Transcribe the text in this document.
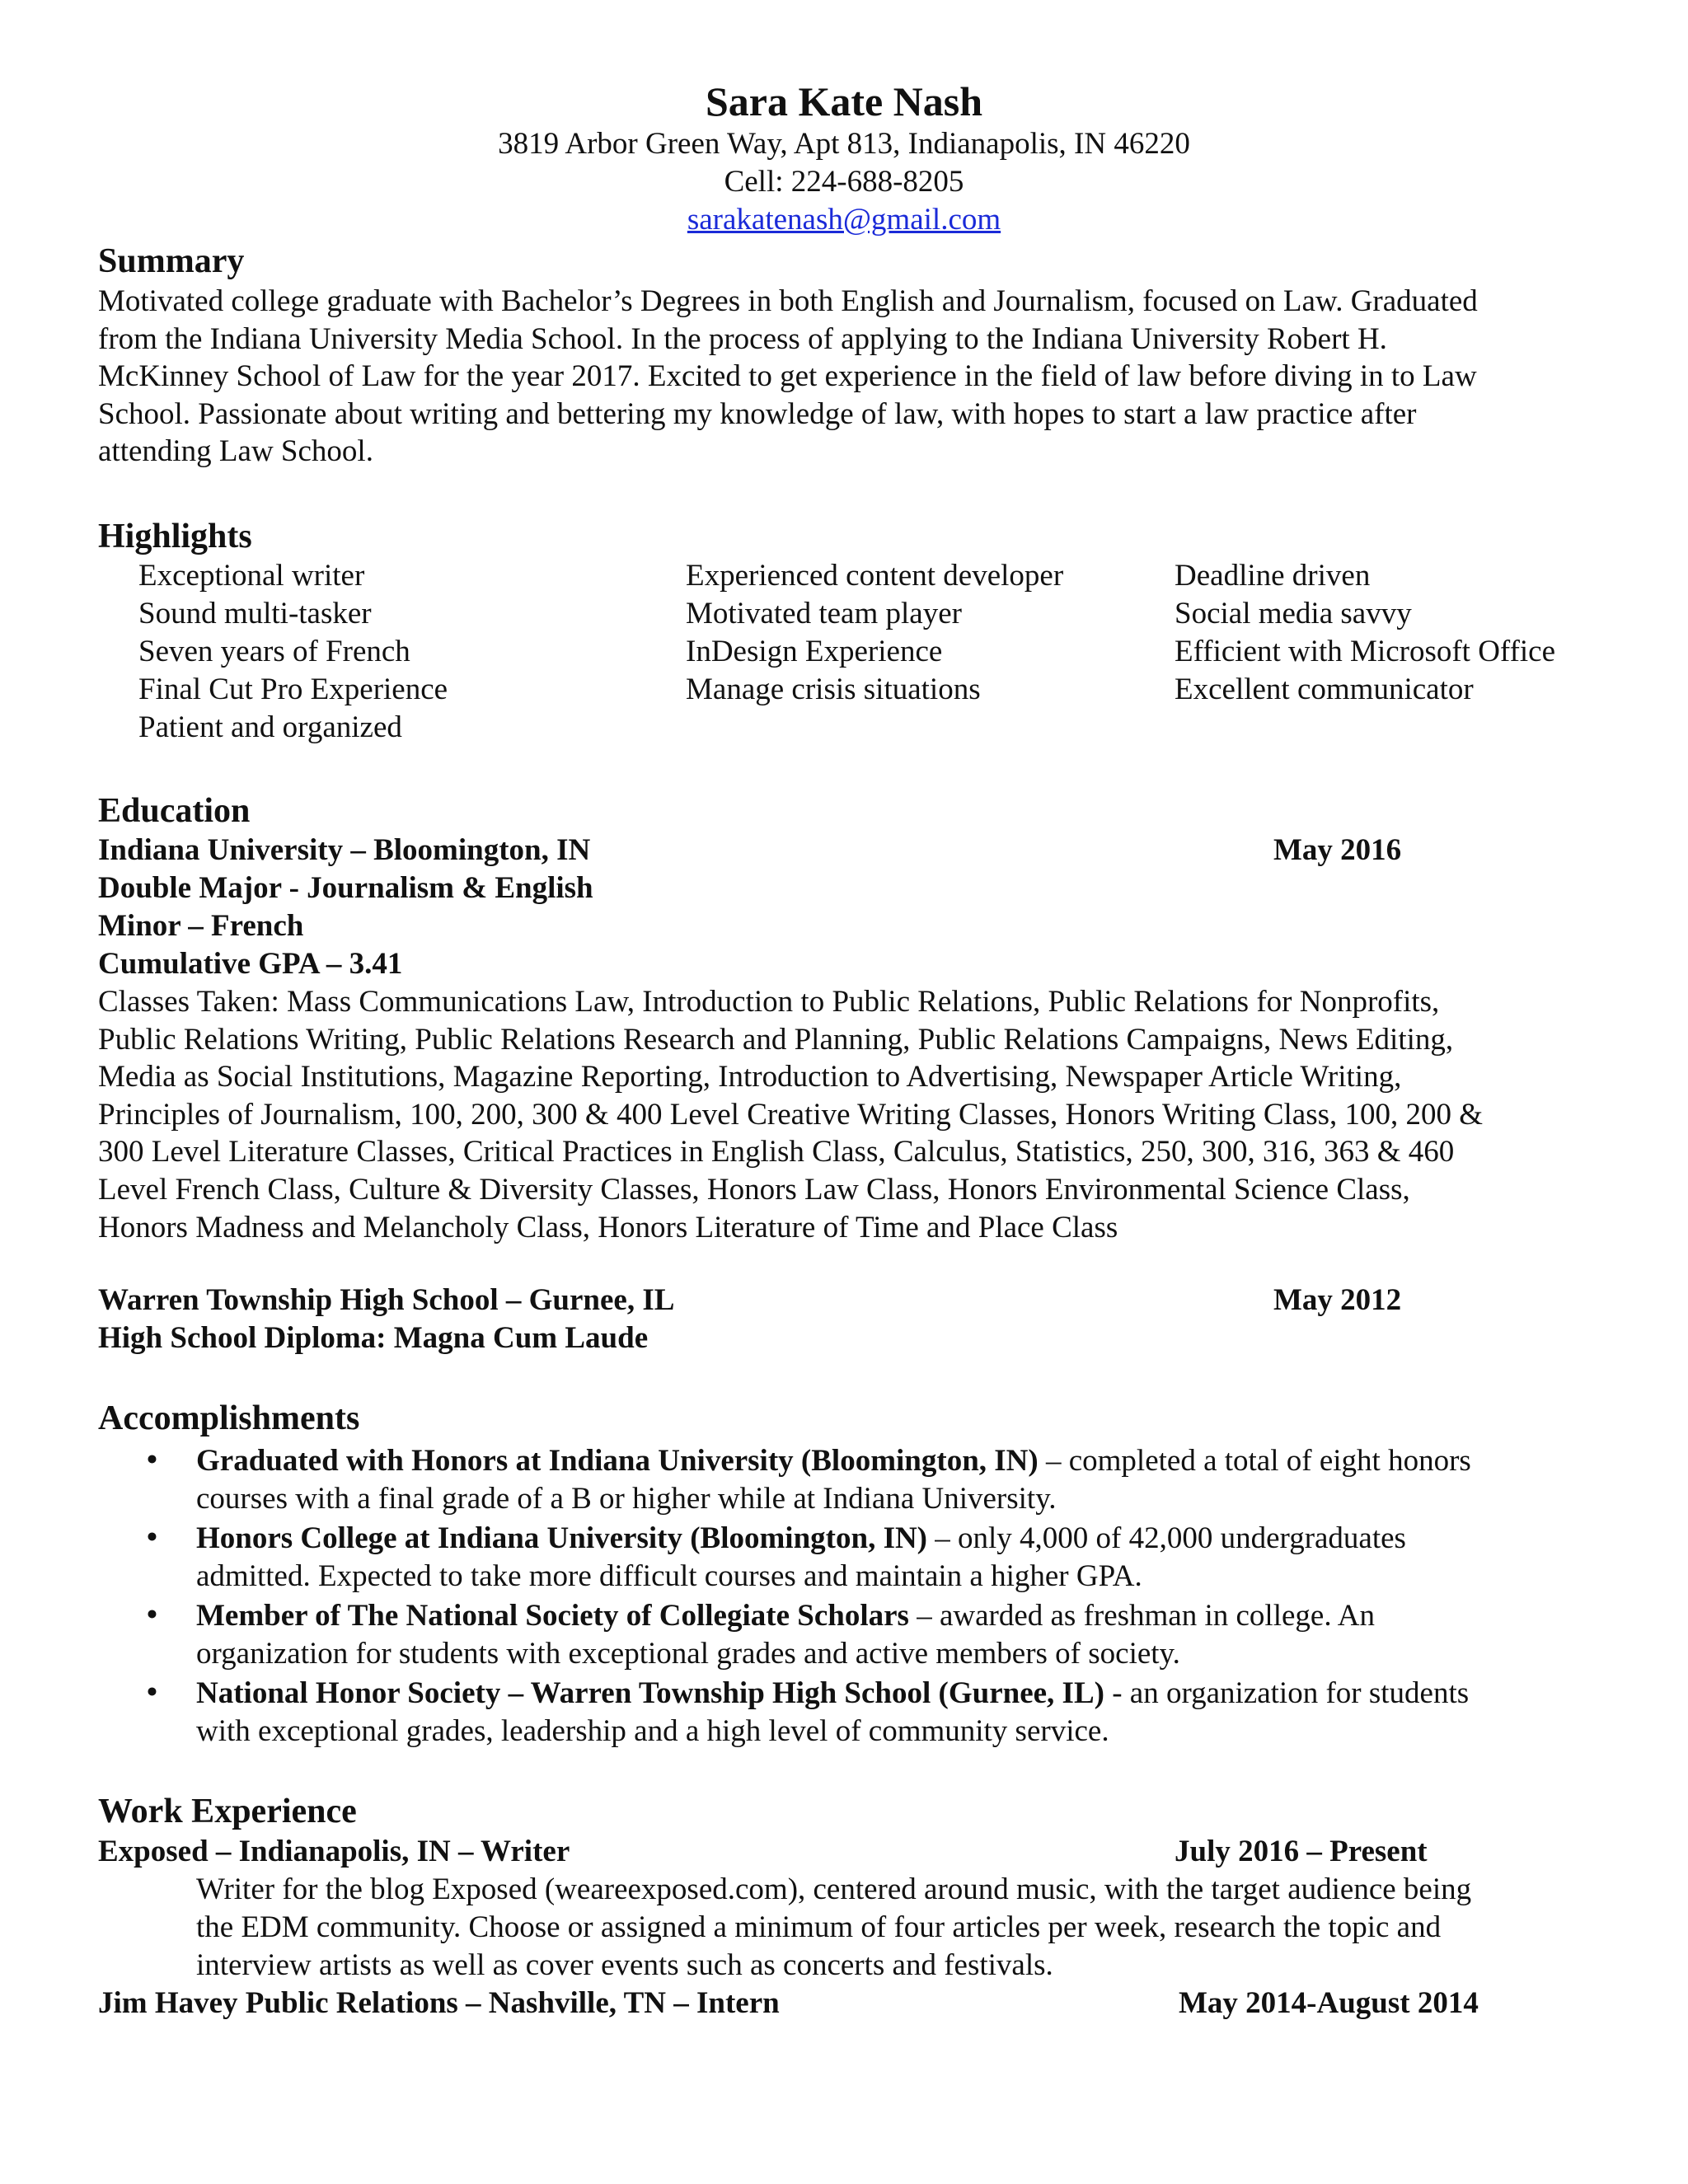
Sara Kate Nash
3819 Arbor Green Way, Apt 813, Indianapolis, IN 46220
Cell: 224-688-8205
sarakatenash@gmail.com
Summary
Motivated college graduate with Bachelor’s Degrees in both English and Journalism, focused on Law. Graduated
from the Indiana University Media School. In the process of applying to the Indiana University Robert H.
McKinney School of Law for the year 2017. Excited to get experience in the field of law before diving in to Law
School. Passionate about writing and bettering my knowledge of law, with hopes to start a law practice after
attending Law School.
Highlights
Exceptional writer
Sound multi-tasker
Seven years of French
Final Cut Pro Experience
Patient and organized
Experienced content developer
Motivated team player
InDesign Experience
Manage crisis situations
Deadline driven
Social media savvy
Efficient with Microsoft Office
Excellent communicator
Education
Indiana University – Bloomington, IN	May 2016
Double Major - Journalism & English
Minor – French
Cumulative GPA – 3.41
Classes Taken: Mass Communications Law, Introduction to Public Relations, Public Relations for Nonprofits,
Public Relations Writing, Public Relations Research and Planning, Public Relations Campaigns, News Editing,
Media as Social Institutions, Magazine Reporting, Introduction to Advertising, Newspaper Article Writing,
Principles of Journalism, 100, 200, 300 & 400 Level Creative Writing Classes, Honors Writing Class, 100, 200 &
300 Level Literature Classes, Critical Practices in English Class, Calculus, Statistics, 250, 300, 316, 363 & 460
Level French Class, Culture & Diversity Classes, Honors Law Class, Honors Environmental Science Class,
Honors Madness and Melancholy Class, Honors Literature of Time and Place Class
Warren Township High School – Gurnee, IL	May 2012
High School Diploma: Magna Cum Laude
Accomplishments
• Graduated with Honors at Indiana University (Bloomington, IN) – completed a total of eight honors
courses with a final grade of a B or higher while at Indiana University.
• Honors College at Indiana University (Bloomington, IN) – only 4,000 of 42,000 undergraduates
admitted. Expected to take more difficult courses and maintain a higher GPA.
• Member of The National Society of Collegiate Scholars – awarded as freshman in college. An
organization for students with exceptional grades and active members of society.
• National Honor Society – Warren Township High School (Gurnee, IL) - an organization for students
with exceptional grades, leadership and a high level of community service.
Work Experience
Exposed – Indianapolis, IN – Writer	July 2016 – Present
Writer for the blog Exposed (weareexposed.com), centered around music, with the target audience being
the EDM community. Choose or assigned a minimum of four articles per week, research the topic and
interview artists as well as cover events such as concerts and festivals.
Jim Havey Public Relations – Nashville, TN – Intern	May 2014-August 2014
